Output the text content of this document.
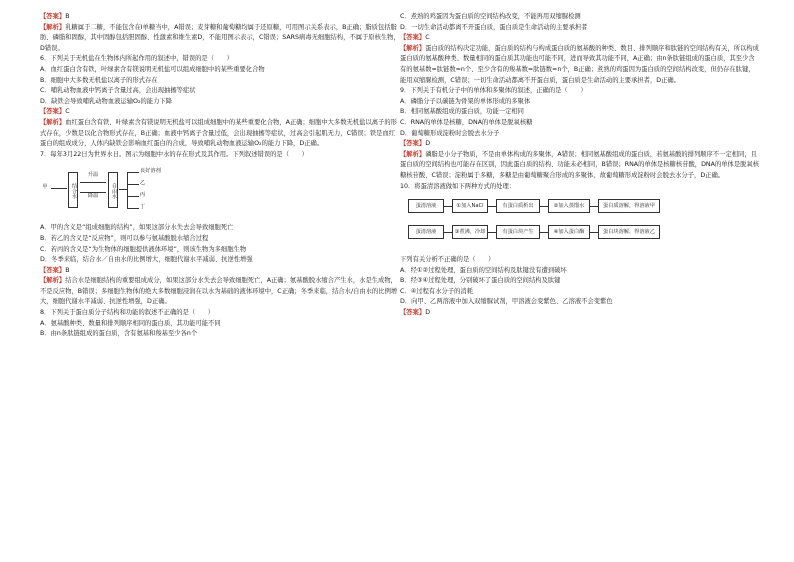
【答案】B

【解析】乳糖属于二糖，不能包含在Ⅰ单糖当中，A错误；麦芽糖和葡萄糖均属于还原糖，可用图示关系表示，B正确；脂质包括脂肪、磷脂和固醇，其中固醇包括胆固醇、性激素和维生素D，不能用图示表示，C错误；SARS病毒无细胞结构，不属于原核生物，D错误。

6．下列关于无机盐在生物体内所起作用的叙述中，错误的是（　　）

A．血红蛋白含有铁，叶绿素含有镁说明无机盐可以组成细胞中的某些重要化合物

B．细胞中大多数无机盐以离子的形式存在

C．哺乳动物血液中钙离子含量过高，会出现抽搐等症状

D．缺铁会导致哺乳动物血液运输O₂的能力下降

【答案】C

【解析】血红蛋白含有铁、叶绿素含有镁说明无机盐可以组成细胞中的某些重要化合物，A正确；细胞中大多数无机盐以离子的形式存在，少数是以化合物形式存在，B正确；血液中钙离子含量过低，会出现抽搐等症状，过高会引起肌无力，C错误；铁是血红蛋白的组成成分，人体内缺铁会影响血红蛋白的合成，导致哺乳动物血液运输O₂的能力下降，D正确。

7．每年3月22日为世界水日。图示为细胞中水的存在形式及其作用。下列叙述错误的是（　　）

甲	结合水
升温
降温	自由水
良好溶剂
乙
丙
丁

A．甲的含义是“组成细胞的结构”，如果这部分水失去会导致细胞死亡

B．若乙的含义是“反应物”，则可以参与氨基酸脱水缩合过程

C．若丙的含义是“为生物体的细胞提供液体环境”，则该生物为多细胞生物

D．冬季来临，结合水／自由水的比例增大，细胞代谢水平减弱、抗逆性增强

【答案】B

【解析】结合水是细胞结构的重要组成成分，如果这部分水失去会导致细胞死亡，A正确；氨基酸脱水缩合产生水，水是生成物，不是反应物，B错误；多细胞生物体的绝大多数细胞浸润在以水为基础的液体环境中，C正确；冬季来临，结合水/自由水的比例增大，细胞代谢水平减弱、抗逆性增强，D正确。

8．下列关于蛋白质分子结构和功能的叙述不正确的是（　　）

A．氨基酸种类、数量和排列顺序相同的蛋白质，其功能可能不同

B．由n条肽链组成的蛋白质，含有氨基和羧基至少各n个

C．煮熟的鸡蛋因为蛋白质的空间结构改变，不能再用双缩脲检测

D．一切生命活动都离不开蛋白质，蛋白质是生命活动的主要承担者

【答案】C

【解析】蛋白质的结构决定功能，蛋白质的结构与构成蛋白质的氨基酸的种类、数目、排列顺序和肽链的空间结构有关，所以构成蛋白质的氨基酸种类、数量相同的蛋白质其功能也可能不同，进而导致其功能不同，A正确；由n条肽链组成的蛋白质，其至少含有的氨基数=肽链数=n个、至少含有的羧基数=肽链数=n个，B正确；煮熟的鸡蛋因为蛋白质的空间结构改变，但仍存在肽键，能用双缩脲检测，C错误；一切生命活动都离不开蛋白质，蛋白质是生命活动的主要承担者，D正确。

9．下列关于有机分子中的单体和多聚体的叙述，正确的是（　　）

A．磷脂分子以碳链为骨架的单体形成的多聚体

B．相同氨基酸组成的蛋白质，功能一定相同

C．RNA的单体是核糖，DNA的单体是脱氧核糖

D．葡萄糖形成淀粉时会脱去水分子

【答案】D

【解析】磷脂是小分子物质，不是由单体构成的多聚体，A错误；相同氨基酸组成的蛋白质，若氨基酸的排列顺序不一定相同，且蛋白质的空间结构也可能存在区别，因此蛋白质的结构、功能未必相同，B错误；RNA的单体是核糖核苷酸，DNA的单体是脱氧核糖核苷酸，C错误；淀粉属于多糖，多糖是由葡萄糖聚合形成的多聚体，故葡萄糖形成淀粉时会脱去水分子，D正确。

10．将蛋清溶液做如下两种方式的处理：

蛋清溶液	①加入NaCl	有蛋白质析出	②加入蒸馏水	蛋白质溶解，得溶液甲
蛋清溶液	③煮沸，冷却	有蛋白块产生	④加入蛋白酶	蛋白块溶解，得溶液乙

下列有关分析不正确的是（　　）

A．经①②过程处理，蛋白质的空间结构及肽键没有遭到破坏

B．经③④过程处理，分别破坏了蛋白质的空间结构及肽键

C．④过程有水分子的消耗

D．向甲、乙两溶液中加入双缩脲试剂，甲溶液会变紫色、乙溶液不会变紫色

【答案】D
